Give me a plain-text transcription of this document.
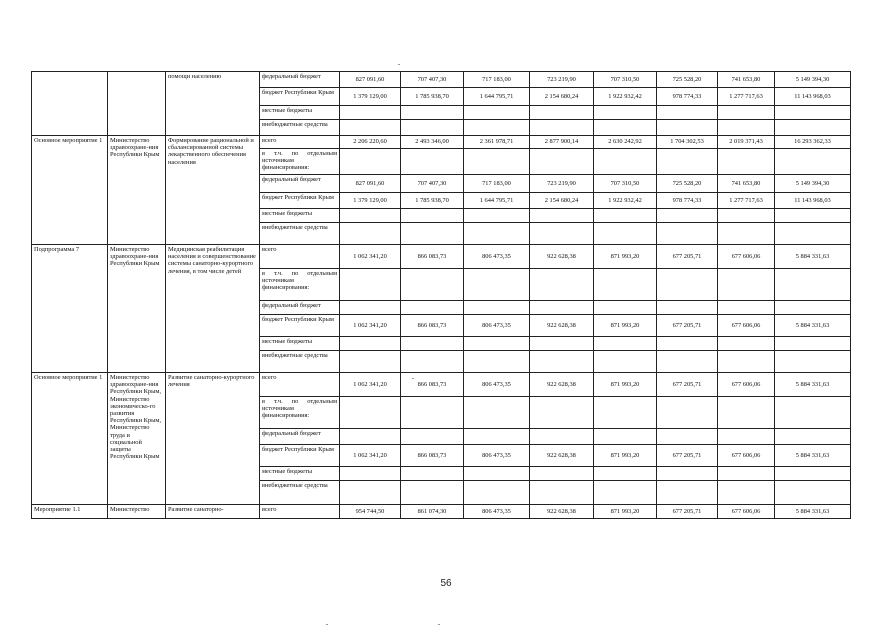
		помощи населению	федеральный бюджет	827 091,60	707 407,30	717 183,00	723 219,90	707 310,50	725 528,20	741 653,80	5 149 394,30
			бюджет Республики Крым	1 379 129,00	1 785 938,70	1 644 795,71	2 154 680,24	1 922 932,42	978 774,33	1 277 717,63	11 143 968,03
			местные бюджеты								
			внебюджетные средства								
Основное мероприятие 1	Министерство здравоохране-ния Республики Крым	Формирование рациональной и сбалансированной системы лекарственного обеспечения населения	всего	2 206 220,60	2 493 346,00	2 361 978,71	2 877 900,14	2 630 242,92	1 704 302,53	2 019 371,43	16 293 362,33
			в т.ч. по отдельным источникам финансирования:								
			федеральный бюджет	827 091,60	707 407,30	717 183,00	723 219,90	707 310,50	725 528,20	741 653,80	5 149 394,30
			бюджет Республики Крым	1 379 129,00	1 785 938,70	1 644 795,71	2 154 680,24	1 922 932,42	978 774,33	1 277 717,63	11 143 968,03
			местные бюджеты								
			внебюджетные средства								
Подпрограмма 7	Министерство здравоохране-ния Республики Крым	Медицинская реабилитация населения и совершенствование системы санаторно-курортного лечения, в том числе детей	всего	1 062 341,20	866 083,73	806 473,35	922 628,38	871 993,20	677 205,71	677 606,06	5 884 331,63
			в т.ч. по отдельным источникам финансирования:								
			федеральный бюджет								
			бюджет Республики Крым	1 062 341,20	866 083,73	806 473,35	922 628,38	871 993,20	677 205,71	677 606,06	5 884 331,63
			местные бюджеты								
			внебюджетные средства								
Основное мероприятие 1	Министерство здравоохране-ния Республики Крым, Министерство экономическо-го развития Республики Крым, Министерство труда и социальной защиты Республики Крым	Развитие санаторно-курортного лечения	всего	1 062 341,20	866 083,73	806 473,35	922 628,38	871 993,20	677 205,71	677 606,06	5 884 331,63
			в т.ч. по отдельным источникам финансирования:								
			федеральный бюджет								
			бюджет Республики Крым	1 062 341,20	866 083,73	806 473,35	922 628,38	871 993,20	677 205,71	677 606,06	5 884 331,63
			местные бюджеты								
			внебюджетные средства								
Мероприятие 1.1	Министерство	Развитие санаторно-	всего	954 744,50	861 074,30	806 473,35	922 628,38	871 993,20	677 205,71	677 606,06	5 884 331,63
56
